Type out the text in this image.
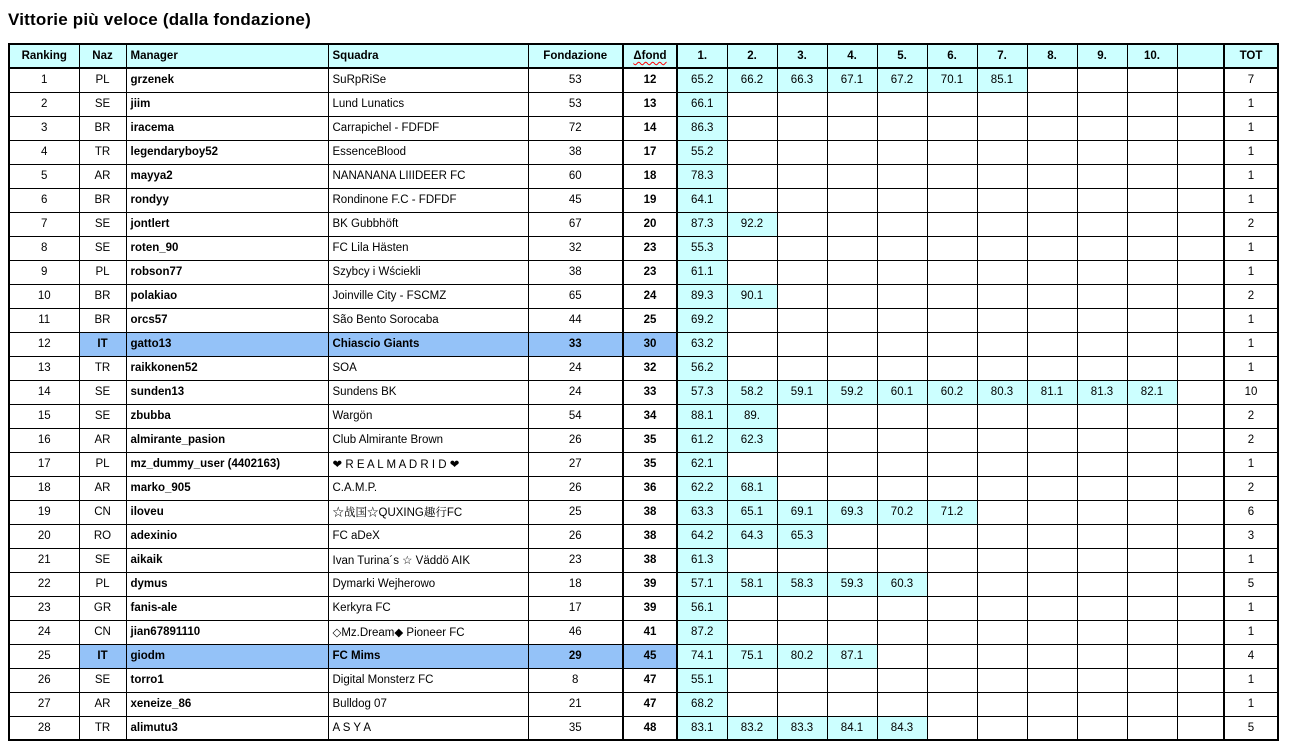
Vittorie più veloce (dalla fondazione)
Ranking	Naz	Manager	Squadra	Fondazione	Δfond	1.	2.	3.	4.	5.	6.	7.	8.	9.	10.		TOT
1	PL	grzenek	SuRpRiSe	53	12	65.2	66.2	66.3	67.1	67.2	70.1	85.1					7
2	SE	jiim	Lund Lunatics	53	13	66.1											1
3	BR	iracema	Carrapichel - FDFDF	72	14	86.3											1
4	TR	legendaryboy52	EssenceBlood	38	17	55.2											1
5	AR	mayya2	NANANANA LIIIDEER FC	60	18	78.3											1
6	BR	rondyy	Rondinone F.C - FDFDF	45	19	64.1											1
7	SE	jontlert	BK Gubbhöft	67	20	87.3	92.2										2
8	SE	roten_90	FC Lila Hästen	32	23	55.3											1
9	PL	robson77	Szybcy i Wściekli	38	23	61.1											1
10	BR	polakiao	Joinville City - FSCMZ	65	24	89.3	90.1										2
11	BR	orcs57	São Bento Sorocaba	44	25	69.2											1
12	IT	gatto13	Chiascio Giants	33	30	63.2											1
13	TR	raikkonen52	SOA	24	32	56.2											1
14	SE	sunden13	Sundens BK	24	33	57.3	58.2	59.1	59.2	60.1	60.2	80.3	81.1	81.3	82.1		10
15	SE	zbubba	Wargön	54	34	88.1	89.										2
16	AR	almirante_pasion	Club Almirante Brown	26	35	61.2	62.3										2
17	PL	mz_dummy_user (4402163)	❤ R E A L M A D R I D ❤	27	35	62.1											1
18	AR	marko_905	C.A.M.P.	26	36	62.2	68.1										2
19	CN	iloveu	☆战国☆QUXING趣行FC	25	38	63.3	65.1	69.1	69.3	70.2	71.2						6
20	RO	adexinio	FC aDeX	26	38	64.2	64.3	65.3									3
21	SE	aikaik	Ivan Turina´s ☆ Väddö AIK	23	38	61.3											1
22	PL	dymus	Dymarki Wejherowo	18	39	57.1	58.1	58.3	59.3	60.3							5
23	GR	fanis-ale	Kerkyra FC	17	39	56.1											1
24	CN	jian67891110	◇Mz.Dream◆ Pioneer FC	46	41	87.2											1
25	IT	giodm	FC Mims	29	45	74.1	75.1	80.2	87.1								4
26	SE	torro1	Digital Monsterz FC	8	47	55.1											1
27	AR	xeneize_86	Bulldog 07	21	47	68.2											1
28	TR	alimutu3	A S Y A	35	48	83.1	83.2	83.3	84.1	84.3							5
